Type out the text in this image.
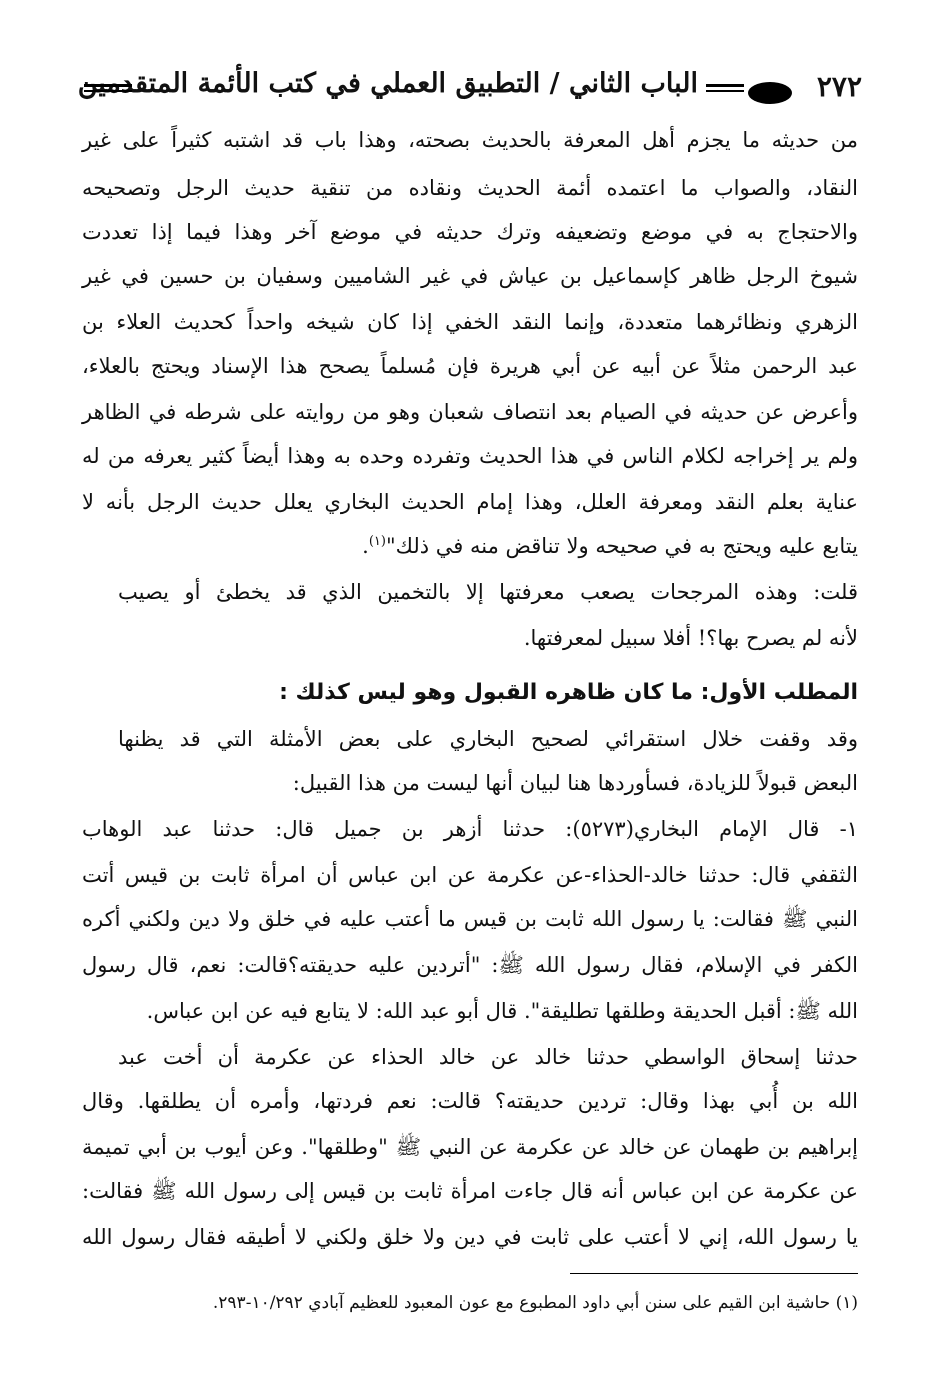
٢٧٢
الباب الثاني / التطبيق العملي في كتب الأئمة المتقدمين
من حديثه ما يجزم أهل المعرفة بالحديث بصحته، وهذا باب قد اشتبه كثيراً على غير
النقاد، والصواب ما اعتمده أئمة الحديث ونقاده من تنقية حديث الرجل وتصحيحه
والاحتجاج به في موضع وتضعيفه وترك حديثه في موضع آخر وهذا فيما إذا تعددت
شيوخ الرجل ظاهر كإسماعيل بن عياش في غير الشاميين وسفيان بن حسين في غير
الزهري ونظائرهما متعددة، وإنما النقد الخفي إذا كان شيخه واحداً كحديث العلاء بن
عبد الرحمن مثلاً عن أبيه عن أبي هريرة فإن مُسلماً يصحح هذا الإسناد ويحتج بالعلاء،
وأعرض عن حديثه في الصيام بعد انتصاف شعبان وهو من روايته على شرطه في الظاهر
ولم ير إخراجه لكلام الناس في هذا الحديث وتفرده وحده به وهذا أيضاً كثير يعرفه من له
عناية بعلم النقد ومعرفة العلل، وهذا إمام الحديث البخاري يعلل حديث الرجل بأنه لا
يتابع عليه ويحتج به في صحيحه ولا تناقض منه في ذلك"$^{(١)}$.
قلت: وهذه المرجحات يصعب معرفتها إلا بالتخمين الذي قد يخطئ أو يصيب
لأنه لم يصرح بها؟! أفلا سبيل لمعرفتها.
المطلب الأول: ما كان ظاهره القبول وهو ليس كذلك :
وقد وقفت خلال استقرائي لصحيح البخاري على بعض الأمثلة التي قد يظنها
البعض قبولاً للزيادة، فسأوردها هنا لبيان أنها ليست من هذا القبيل:
١- قال الإمام البخاري(٥٢٧٣): حدثنا أزهر بن جميل قال: حدثنا عبد الوهاب
الثقفي قال: حدثنا خالد-الحذاء-عن عكرمة عن ابن عباس أن امرأة ثابت بن قيس أتت
النبي ﷺ فقالت: يا رسول الله ثابت بن قيس ما أعتب عليه في خلق ولا دين ولكني أكره
الكفر في الإسلام، فقال رسول الله ﷺ: "أتردين عليه حديقته؟قالت: نعم، قال رسول
الله ﷺ: أقبل الحديقة وطلقها تطليقة". قال أبو عبد الله: لا يتابع فيه عن ابن عباس.
حدثنا إسحاق الواسطي حدثنا خالد عن خالد الحذاء عن عكرمة أن أخت عبد
الله بن أُبي بهذا وقال: تردين حديقته؟ قالت: نعم فردتها، وأمره أن يطلقها. وقال
إبراهيم بن طهمان عن خالد عن عكرمة عن النبي ﷺ "وطلقها". وعن أيوب بن أبي تميمة
عن عكرمة عن ابن عباس أنه قال جاءت امرأة ثابت بن قيس إلى رسول الله ﷺ فقالت:
يا رسول الله، إني لا أعتب على ثابت في دين ولا خلق ولكني لا أطيقه فقال رسول الله
(١) حاشية ابن القيم على سنن أبي داود المطبوع مع عون المعبود للعظيم آبادي ١٠/٢٩٢-٢٩٣.
